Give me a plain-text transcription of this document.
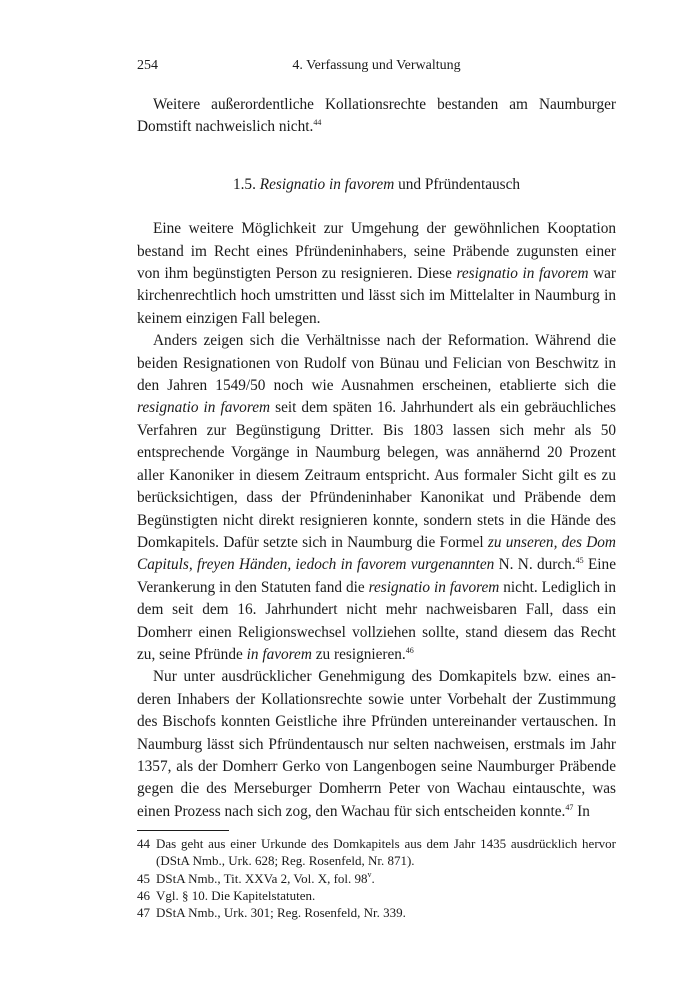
254	4. Verfassung und Verwaltung

Weitere außerordentliche Kollationsrechte bestanden am Naumburger Domstift nachweislich nicht.$^{44}$

1.5. Resignatio in favorem und Pfründentausch

Eine weitere Möglichkeit zur Umgehung der gewöhnlichen Kooptation bestand im Recht eines Pfründeninhabers, seine Präbende zugunsten einer von ihm begünstigten Person zu resignieren. Diese resignatio in favorem war kirchenrechtlich hoch umstritten und lässt sich im Mittelalter in Naumburg in keinem einzigen Fall belegen.

Anders zeigen sich die Verhältnisse nach der Reformation. Während die beiden Resignationen von Rudolf von Bünau und Felician von Beschwitz in den Jahren 1549/50 noch wie Ausnahmen erscheinen, etablierte sich die resignatio in favorem seit dem späten 16. Jahrhundert als ein gebräuchliches Verfahren zur Begünstigung Dritter. Bis 1803 lassen sich mehr als 50 entsprechende Vorgänge in Naumburg belegen, was annähernd 20 Prozent aller Kanoniker in diesem Zeitraum entspricht. Aus formaler Sicht gilt es zu berücksichtigen, dass der Pfründeninhaber Kanonikat und Präbende dem Begünstigten nicht direkt resignieren konnte, sondern stets in die Hände des Domkapitels. Dafür setzte sich in Naumburg die Formel zu unseren, des Dom Capituls, freyen Händen, iedoch in favorem vurgenannten N. N. durch.$^{45}$ Eine Verankerung in den Statuten fand die resignatio in favorem nicht. Lediglich in dem seit dem 16. Jahrhundert nicht mehr nachweisbaren Fall, dass ein Domherr einen Religionswechsel vollziehen sollte, stand diesem das Recht zu, seine Pfründe in favorem zu resignieren.$^{46}$

Nur unter ausdrücklicher Genehmigung des Domkapitels bzw. eines anderen Inhabers der Kollationsrechte sowie unter Vorbehalt der Zustimmung des Bischofs konnten Geistliche ihre Pfründen untereinander vertauschen. In Naumburg lässt sich Pfründentausch nur selten nachweisen, erstmals im Jahr 1357, als der Domherr Gerko von Langenbogen seine Naumburger Präbende gegen die des Merseburger Domherrn Peter von Wachau eintauschte, was einen Prozess nach sich zog, den Wachau für sich entscheiden konnte.$^{47}$ In

44 Das geht aus einer Urkunde des Domkapitels aus dem Jahr 1435 ausdrücklich hervor (DStA Nmb., Urk. 628; Reg. Rosenfeld, Nr. 871).
45 DStA Nmb., Tit. XXVa 2, Vol. X, fol. 98$^v$.
46 Vgl. § 10. Die Kapitelstatuten.
47 DStA Nmb., Urk. 301; Reg. Rosenfeld, Nr. 339.
